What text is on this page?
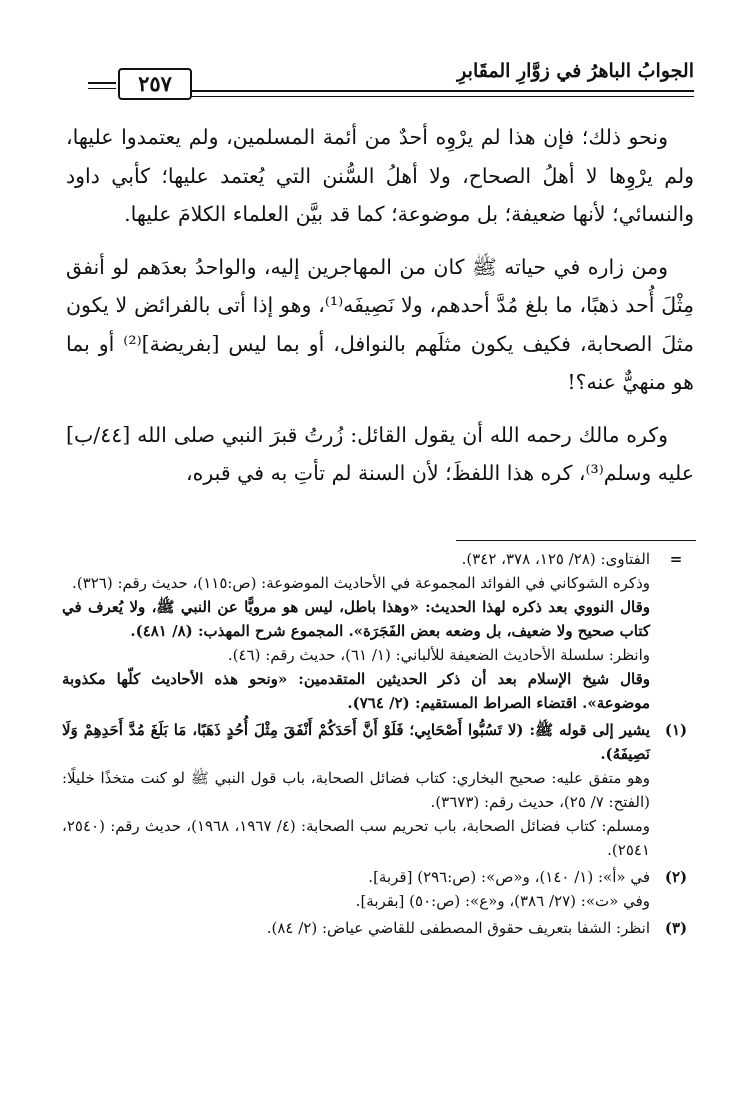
الجوابُ الباهرُ في زوَّارِ المقَابرِ
٢٥٧

ونحو ذلك؛ فإن هذا لم يرْوِه أحدٌ من أئمة المسلمين، ولم يعتمدوا عليها، ولم يرْوِها لا أهلُ الصحاح، ولا أهلُ السُّنن التي يُعتمد عليها؛ كأبي داود والنسائي؛ لأنها ضعيفة؛ بل موضوعة؛ كما قد بيَّن العلماء الكلامَ عليها.

ومن زاره في حياته ﷺ كان من المهاجرين إليه، والواحدُ بعدَهم لو أنفق مِثْلَ أُحد ذهبًا، ما بلغ مُدَّ أحدهم، ولا نَصِيفَه⁽¹⁾، وهو إذا أتى بالفرائض لا يكون مثلَ الصحابة، فكيف يكون مثلَهم بالنوافل، أو بما ليس [بفريضة]⁽²⁾ أو بما هو منهيٌّ عنه؟!

وكره مالك رحمه الله أن يقول القائل: زُرتُ قبرَ النبي صلى الله [٤٤/ب] عليه وسلم⁽³⁾، كره هذا اللفظَ؛ لأن السنة لم تأتِ به في قبره،

=
الفتاوى: (٢٨/ ١٢٥، ٣٧٨، ٣٤٢).
وذكره الشوكاني في الفوائد المجموعة في الأحاديث الموضوعة: (ص:١١٥)، حديث رقم: (٣٢٦).
وقال النووي بعد ذكره لهذا الحديث: «وهذا باطل، ليس هو مرويًّا عن النبي ﷺ، ولا يُعرف في كتاب صحيح ولا ضعيف، بل وضعه بعض الفَجَرَة». المجموع شرح المهذب: (٨/ ٤٨١).
وانظر: سلسلة الأحاديث الضعيفة للألباني: (١/ ٦١)، حديث رقم: (٤٦).
وقال شيخ الإسلام بعد أن ذكر الحديثين المتقدمين: «ونحو هذه الأحاديث كلّها مكذوبة موضوعة». اقتضاء الصراط المستقيم: (٢/ ٧٦٤).
(١)
يشير إلى قوله ﷺ: (لا تَسُبُّوا أَصْحَابِي؛ فَلَوْ أَنَّ أَحَدَكُمْ أَنْفَقَ مِثْلَ أُحُدٍ ذَهَبًا، مَا بَلَغَ مُدَّ أَحَدِهِمْ وَلَا نَصِيفَهُ).
وهو متفق عليه: صحيح البخاري: كتاب فضائل الصحابة، باب قول النبي ﷺ لو كنت متخذًا خليلًا: (الفتح: ٧/ ٢٥)، حديث رقم: (٣٦٧٣).
ومسلم: كتاب فضائل الصحابة، باب تحريم سب الصحابة: (٤/ ١٩٦٧، ١٩٦٨)، حديث رقم: (٢٥٤٠، ٢٥٤١).
(٢)
في «أ»: (١/ ١٤٠)، و«ص»: (ص:٢٩٦) [قربة].
وفي «ت»: (٢٧/ ٣٨٦)، و«ع»: (ص:٥٠) [بقربة].
(٣)
انظر: الشفا بتعريف حقوق المصطفى للقاضي عياض: (٢/ ٨٤).
